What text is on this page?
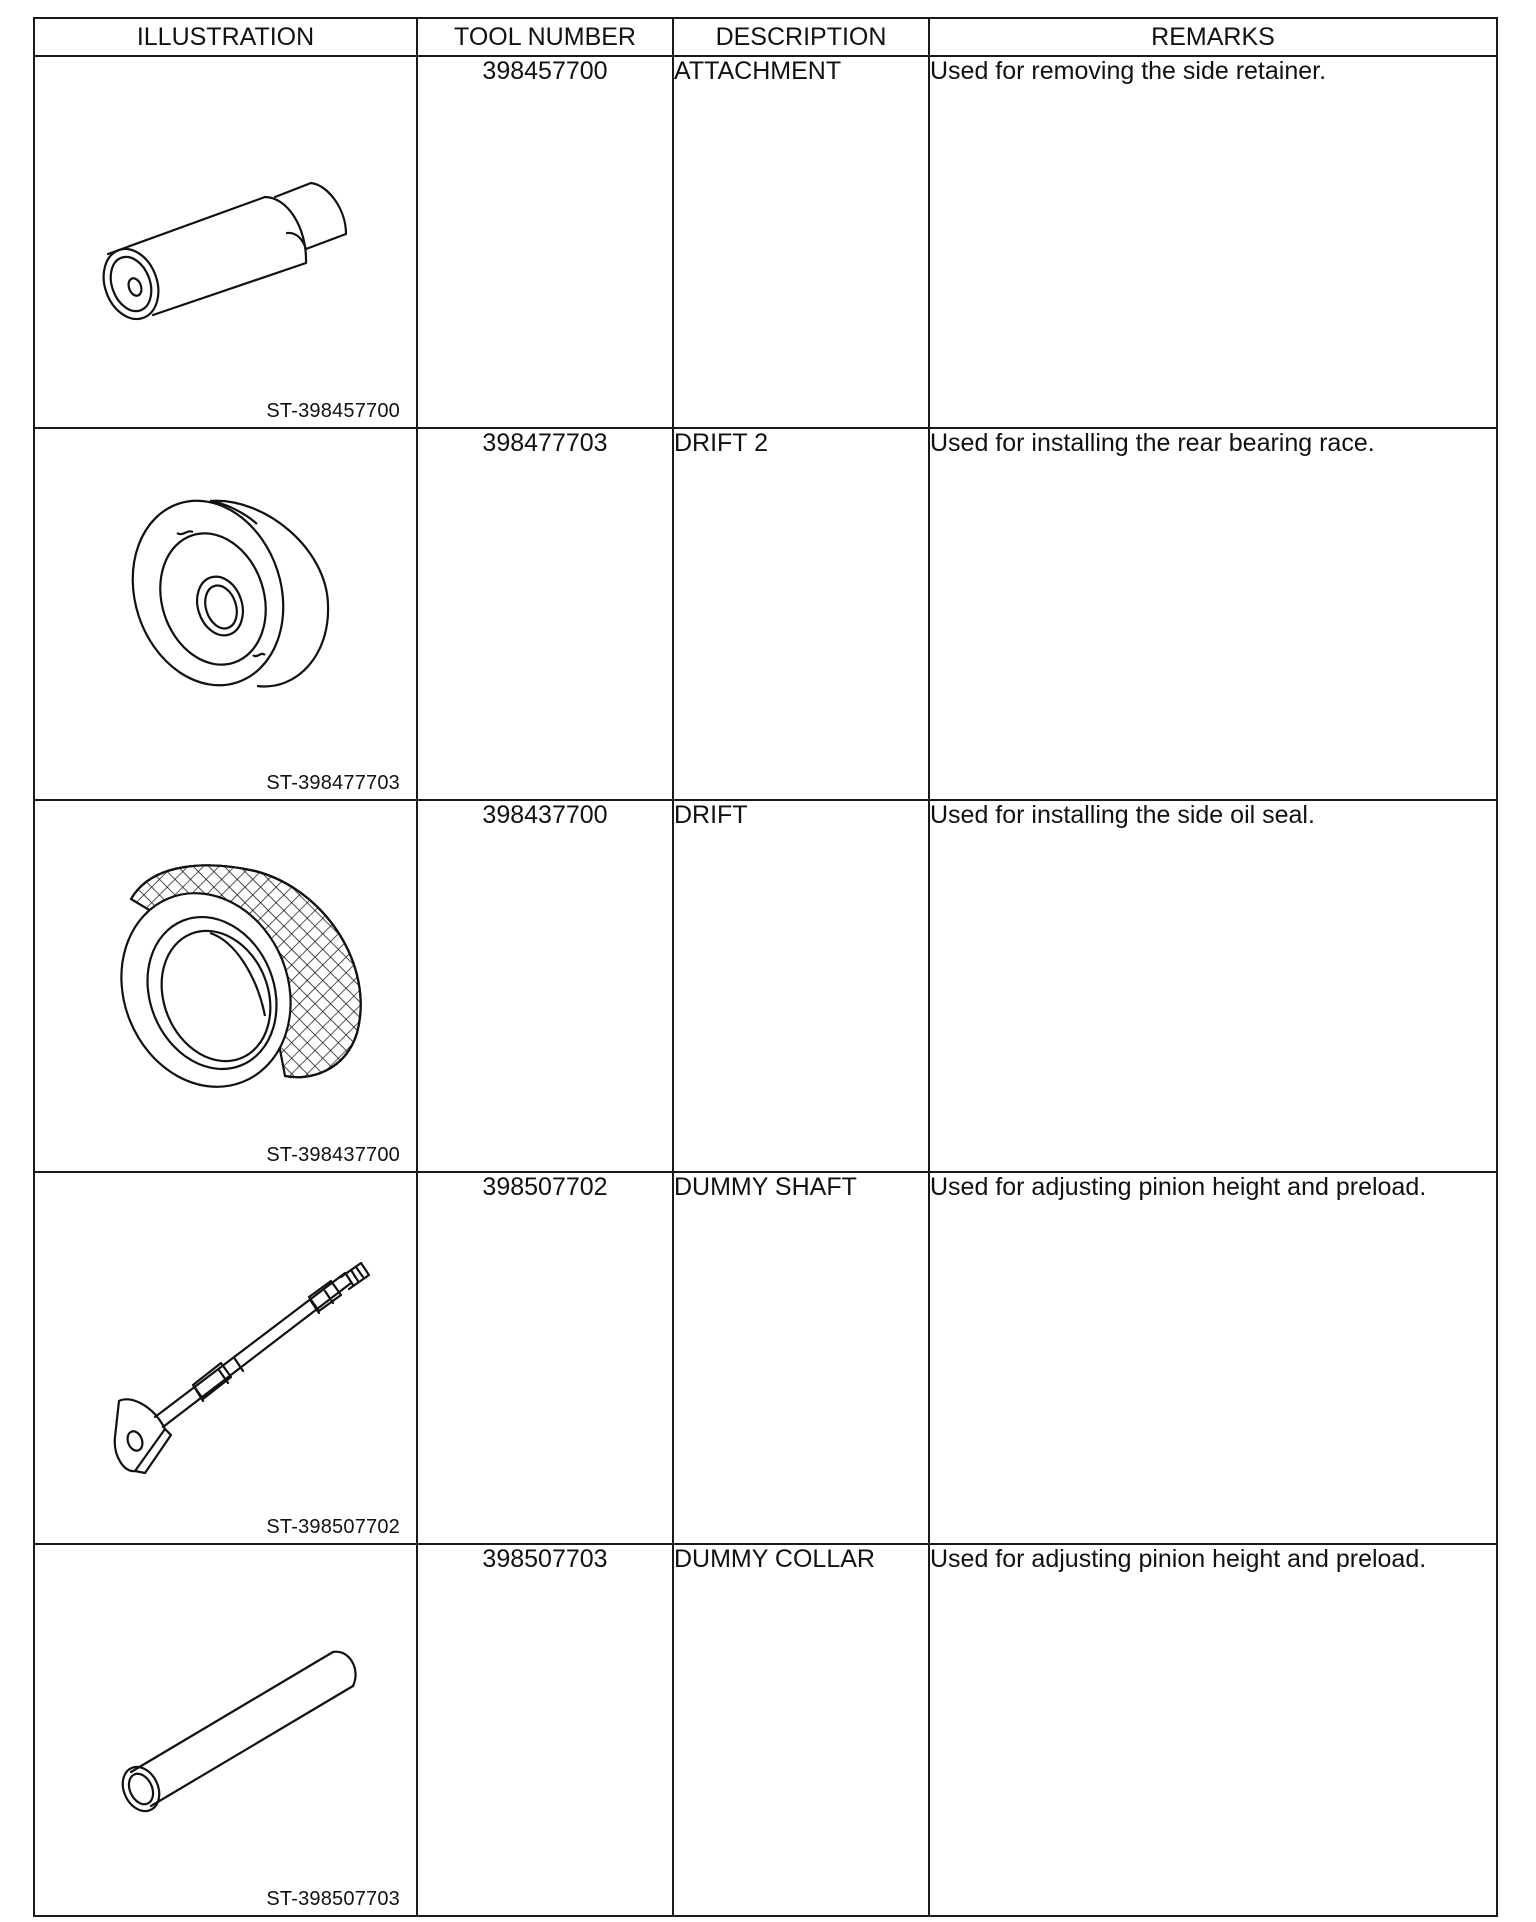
ILLUSTRATION	TOOL NUMBER	DESCRIPTION	REMARKS

ST-398457700	398457700	ATTACHMENT	Used for removing the side retainer.

ST-398477703	398477703	DRIFT 2	Used for installing the rear bearing race.

ST-398437700	398437700	DRIFT	Used for installing the side oil seal.

ST-398507702	398507702	DUMMY SHAFT	Used for adjusting pinion height and preload.

ST-398507703	398507703	DUMMY COLLAR	Used for adjusting pinion height and preload.
